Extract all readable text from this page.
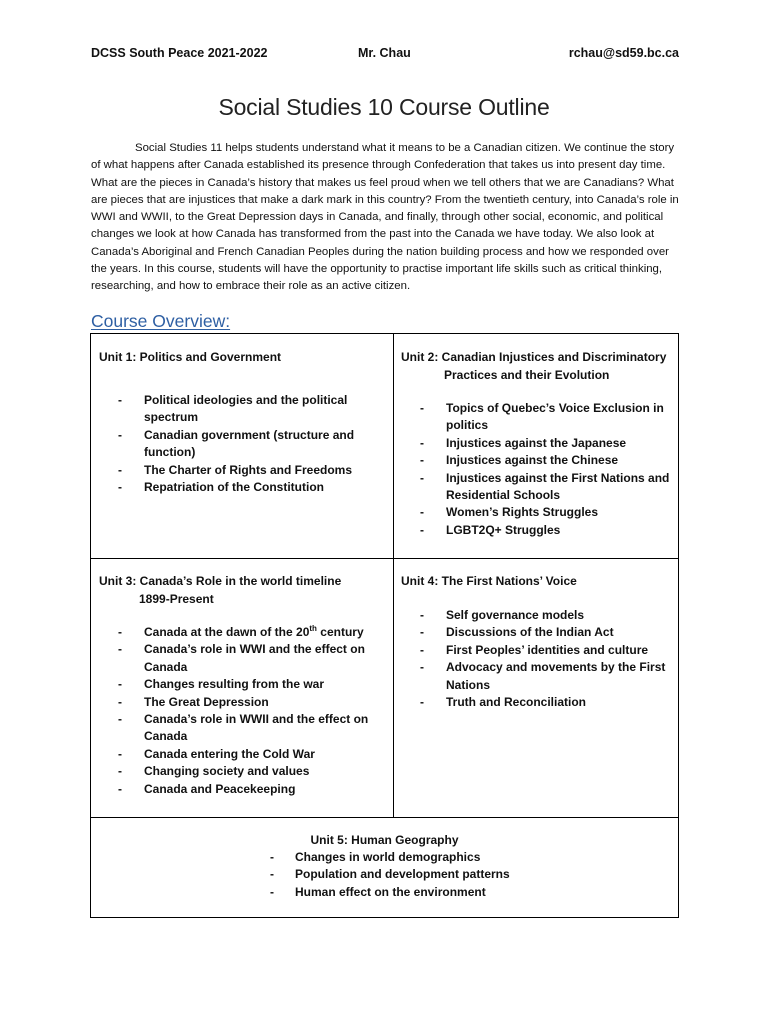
DCSS South Peace 2021-2022	Mr. Chau	rchau@sd59.bc.ca
Social Studies 10 Course Outline

Social Studies 11 helps students understand what it means to be a Canadian citizen. We continue the story of what happens after Canada established its presence through Confederation that takes us into present day time. What are the pieces in Canada’s history that makes us feel proud when we tell others that we are Canadians? What are pieces that are injustices that make a dark mark in this country? From the twentieth century, into Canada’s role in WWI and WWII, to the Great Depression days in Canada, and finally, through other social, economic, and political changes we look at how Canada has transformed from the past into the Canada we have today. We also look at Canada’s Aboriginal and French Canadian Peoples during the nation building process and how we responded over the years. In this course, students will have the opportunity to practise important life skills such as critical thinking, researching, and how to embrace their role as an active citizen.

Course Overview:
Unit 1: Politics and Government
- Political ideologies and the political spectrum
- Canadian government (structure and function)
- The Charter of Rights and Freedoms
- Repatriation of the Constitution
Unit 2: Canadian Injustices and Discriminatory
Practices and their Evolution
- Topics of Quebec’s Voice Exclusion in politics
- Injustices against the Japanese
- Injustices against the Chinese
- Injustices against the First Nations and Residential Schools
- Women’s Rights Struggles
- LGBT2Q+ Struggles
Unit 3: Canada’s Role in the world timeline
1899-Present
- Canada at the dawn of the 20th century
- Canada’s role in WWI and the effect on Canada
- Changes resulting from the war
- The Great Depression
- Canada’s role in WWII and the effect on Canada
- Canada entering the Cold War
- Changing society and values
- Canada and Peacekeeping
Unit 4: The First Nations’ Voice
- Self governance models
- Discussions of the Indian Act
- First Peoples’ identities and culture
- Advocacy and movements by the First Nations
- Truth and Reconciliation
Unit 5: Human Geography
- Changes in world demographics
- Population and development patterns
- Human effect on the environment
